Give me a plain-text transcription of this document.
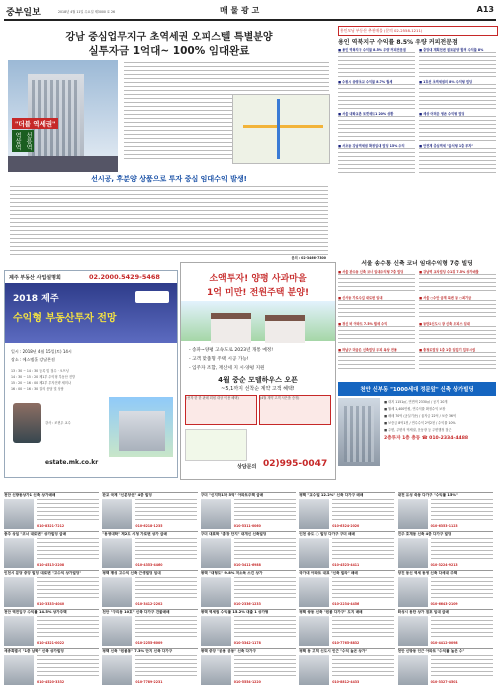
중부일보	2018년 4월 11일 수요일 제3000 호 26	매 물 광 고	A13
강남 중심업무지구 초역세권 오피스텔 특별분양
실투자금 1억대~ 100% 임대완료
"더블 역세권"
역삼역 선릉역
선시공, 후분양 상품으로 투자 중심 임대수익 발생!
문의 : 02-3466-7300
홍인모닝 부동산 추천매물 (문의 02-2558-1211)
용인 역북지구 수익률 8.5% 우량 커피전문점
■ 용인 역북지구 수익률 8.5% 우량 커피전문점
■ 수원시 송량초교 수익률 8.7% 월세
■ 서울 대학교촌 포켓세트1 20% 상환
■ 서초동 강남역세권 확정임대 빌딩 15% 수익
■ 중앙대 계획천변 점포분양 합격 수익률 8%
■ 1호선 초역세권의 8% 수익형 빌딩
■ 세상 어려운 생존 수익형 빌딩
■ 안전계 중심역세 "음식형 1층 투자"
서울 송수통 신축 코너 임대수익형 7층 빌딩
■ 서울 관수동 신축 코너 임대수익형 7층 빌딩
■ 신사동 가로수길 대로변 임대
■ 경신 비 아파트 7.5% 월세 수익
■ 하남구 미금른 신축빌딩 두피 옥상 전용
■ 강남역 교차빌딩 수1위 7.5% 상가매물
■ 서울 ○수안 금계 특변 등 ○최기금
■ 동탄2신도시 장 신축 오피스 임대
■ 충청로빌딩 1층 1층 임업기 업무시설
천안 신부동 "1000세대 정문앞" 신축 상가빌딩
■ 대지 1151㎡, 연면적 2330㎡ / 공기 20개
■ 월세 1,400만원, 연수익률 확정수익 보장
■ 매매 70억 (공실기준) / 융자금 22억 / 보증 36억
■ 보증금 8억1천 / 연수수익 2억2천 / 수익률 10%
■ 주변, 주변의 역세권, 운동장 등 주변행정 접근
2층투자 1층 충동 ☎ 010-2334-4488
제주 부동산 사업설명회	02.2000.5429-5468
2018 제주
수익형 부동산투자 전망
일시 : 2018년 4월 15일(토) 14시
장소 : 에스엠홀 강남본점
13 : 30 ~ 14 : 30 등록 및 접수 · 오프닝
14 : 30 ~ 15 : 20 제1부 수익형 부동산 전망
15 : 20 ~ 16 : 00 제2부 투자전략 세미나
16 : 00 ~ 16 : 30 질의 응답 및 상담
강사 : 조현우 교수
estate.mk.co.kr
소액투자! 양평 사과마을
1억 미만! 전원주택 분양!
- 송파~양평 고속도로 2023년 개통 예정!
- 고객 맞춤형 주택 시공 가능!
- 입주자 조합, 재산세 지 시·양평 지원
4월 중순 모델하우스 오픈
~5,1까지 선착순 계약 고객 혜택!
(선착 한 한 판매 회원 대상 이용 혜택)	(4월 계약 고객 사은품 증정)
상담문의 02)995-0047
천안 신방동상가1 신축 상가매매
010-8321-7212
판교 국제 "신분당선" 4층 빌딩
010-6218-1235
구미 "신지하1차 5억" 아파트주택 급매
010-5311-0060
평택 "교수빌 12.2%" 신축 다가구 매매
010-6324-2020
대전 유성 죽동 다가구 "수익률 15%"
010-6353-1123
충주 상일 "코너 대로변" 상가빌딩 급매
010-4513-2208
"동생대학" 제2도 시청 가로변 상가 급매
010-4353-4460
구미 대표학 "총장 단지" 대개신 신축빌딩
010-3411-6988
인천 송도 ○ 빌딩 다가구 구미 매매
010-4523-4411
진주 호계동 신축 4층 다가구 빌딩
010-3224-9213
인천시 분당 중앙 빌딩 대로변 "고수익 상가빌딩"
010-3333-4040
평택 팽성 고수익 신축 근생빌딩 임대
010-3412-2202
평택 "대형도" 9.8% 저소득 스킨 상가
010-2336-1233
국가대 아파트 대표 "신축 빌라" 매매
010-2234-4456
당진 동신 역세 동생 신축 다세대 주택
010-6643-2109
천안 역전입구 수익률 14.5% 상가주택
010-4321-0022
천안 "구리동 10호" 신축 다가구 건물매매
010-2255-6009
평택 역세권 수익률 15.2% 대출 1 상가형
010-3342-1178
평택 쌍동 신축 "원룸 다가구" 도지 매매
010-7765-8832
화성시 동탄 상가 점포 임대 급매
010-4412-0098
세종특별시 "1층 남학" 신축 상가빌딩
010-4520-3332
평택 신축 "원룸통" 7.3% 단지 신축 다가구
010-7789-2231
평택 중앙 "공용 공동" 신축 다가구
010-5554-1220
평택 동 고덕 신도시 인근 "수익 높은 상가"
010-8812-4433
천안 신방동 인근 아파트 "수익률 높은 수"
010-3327-4501
